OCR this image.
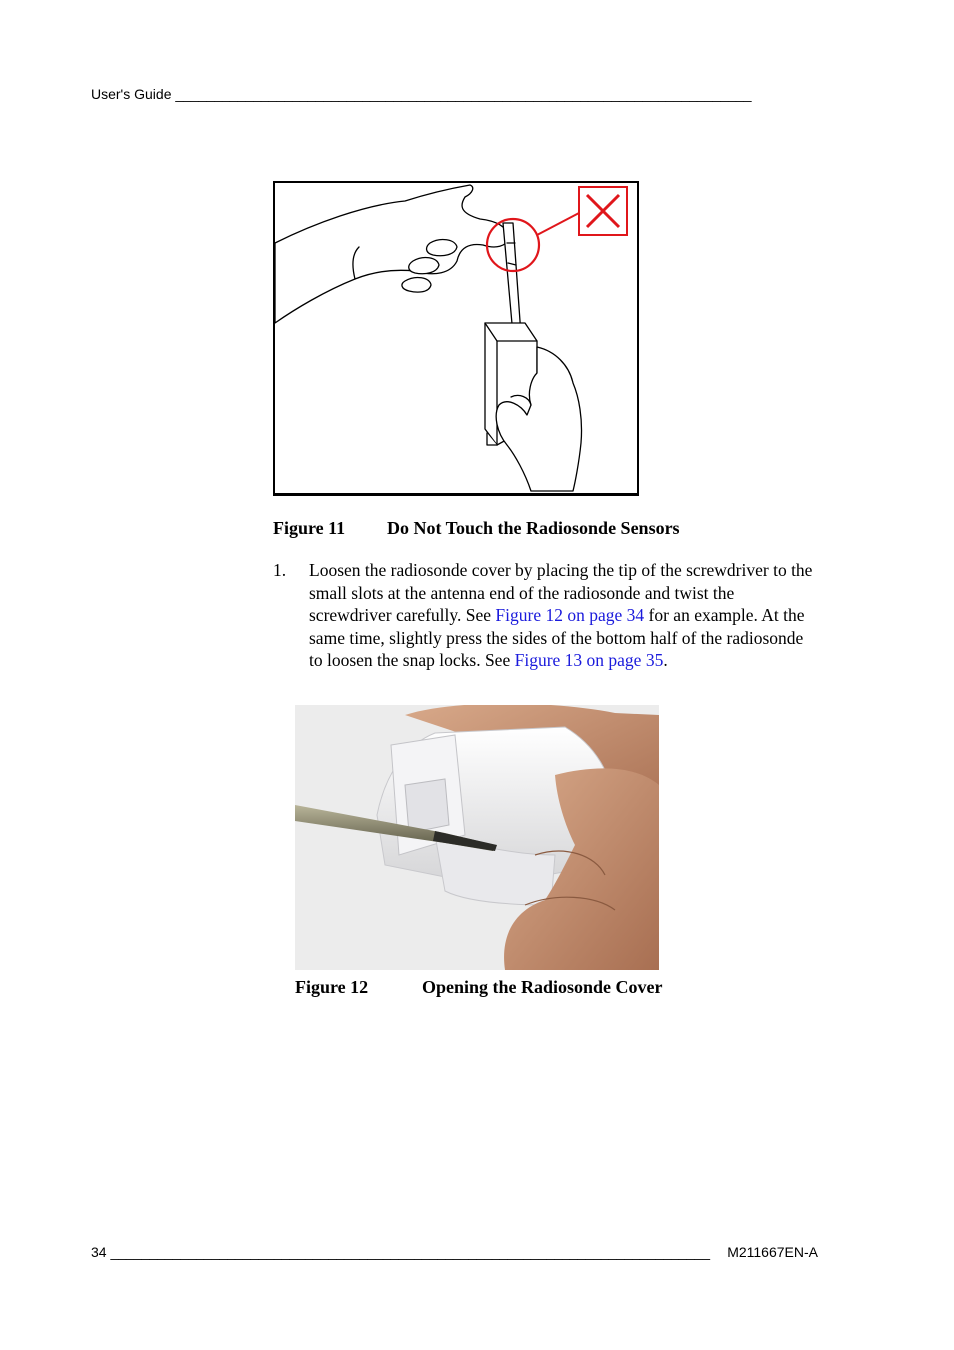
User's Guide __________________________________________________________________________
Figure 11 Do Not Touch the Radiosonde Sensors
1. Loosen the radiosonde cover by placing the tip of the screwdriver to the small slots at the antenna end of the radiosonde and twist the screwdriver carefully. See Figure 12 on page 34 for an example. At the same time, slightly press the sides of the bottom half of the radiosonde to loosen the snap locks. See Figure 13 on page 35.
Figure 12	Opening the Radiosonde Cover
34 _____________________________________________________________________________ M211667EN-A
